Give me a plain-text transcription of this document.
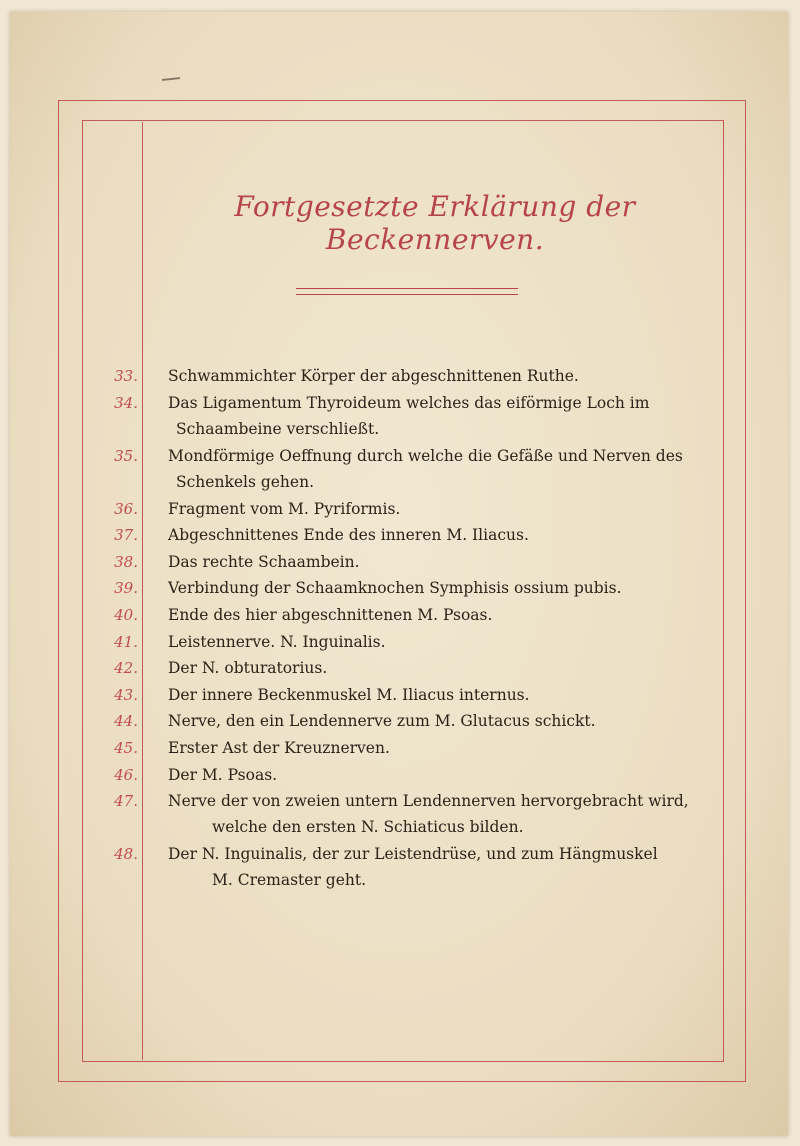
Fortgesetzte Erklärung der Beckennerven.
33. Schwammichter Körper der abgeschnittenen Ruthe.
34. Das Ligamentum Thyroideum welches das eiförmige Loch im
Schaambeine verschließt.
35. Mondförmige Oeffnung durch welche die Gefäße und Nerven des
Schenkels gehen.
36. Fragment vom M. Pyriformis.
37. Abgeschnittenes Ende des inneren M. Iliacus.
38. Das rechte Schaambein.
39. Verbindung der Schaamknochen Symphisis ossium pubis.
40. Ende des hier abgeschnittenen M. Psoas.
41. Leistennerve. N. Inguinalis.
42. Der N. obturatorius.
43. Der innere Beckenmuskel M. Iliacus internus.
44. Nerve, den ein Lendennerve zum M. Glutacus schickt.
45. Erster Ast der Kreuznerven.
46. Der M. Psoas.
47. Nerve der von zweien untern Lendennerven hervorgebracht wird,
welche den ersten N. Schiaticus bilden.
48. Der N. Inguinalis, der zur Leistendrüse, und zum Hängmuskel
M. Cremaster geht.
